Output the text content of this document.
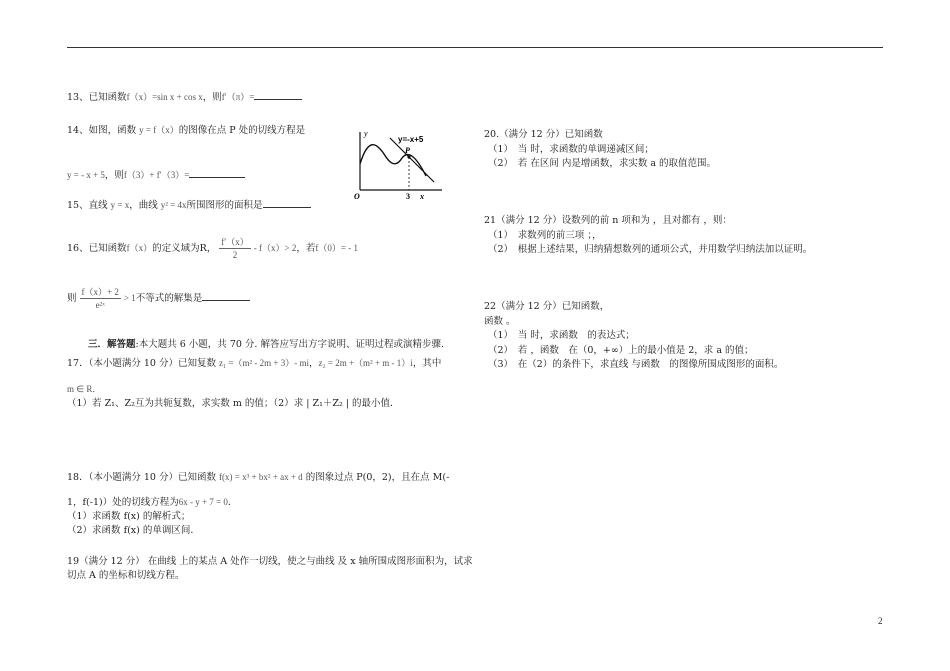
13、已知函数f（x）=sin x + cos x，则f′（π）=
14、如图，函数 y = f（x）的图像在点 P 处的切线方程是
y = - x + 5，则f（3）+ f′（3）=
y
y=-x+5
P
O	3 x
15、直线 y = x，曲线 y² = 4x所围图形的面积是
16、已知函数f（x）的定义域为R， $\frac{f'(x)}{2} - f(x)> 2$，若f（0）= - 1
则 $\frac{f(x)+ 2}{\text{e²ˣ}} > 1$不等式的解集是
三．解答题:本大题共 6 小题，共 70 分. 解答应写出方字说明、证明过程或演精步骤.
17．（本小题满分 10 分）已知复数 z₁ =（m² - 2m + 3）- mi，z₂ = 2m +（m² + m - 1）i，其中
m ∈ R．
（1）若 Z₁、Z₂互为共轭复数，求实数 m 的值；（2）求 | Z₁＋Z₂ | 的最小值．
18．（本小题满分 10 分）已知函数 f(x) = x³ + bx² + ax + d 的图象过点 P(0，2)，且在点 M(-
1，f(-1)）处的切线方程为6x - y + 7 = 0．
（1）求函数 f(x) 的解析式；
（2）求函数 f(x) 的单调区间．
19（满分 12 分） 在曲线 上的某点 A 处作一切线，使之与曲线 及 x 轴所围成图形面积为，试求
切点 A 的坐标和切线方程。
20.（满分 12 分）已知函数
（1）　当 时，求函数的单调递减区间；
（2）　若 在区间 内是增函数，求实数 a 的取值范围。
21（满分 12 分）设数列的前 n 项和为 ，且对都有 ，则：
（1）　求数列的前三项 ；，
（2）　根据上述结果，归纳猜想数列的通项公式，并用数学归纳法加以证明。
22（满分 12 分）已知函数，
函数 。
（1）　当 时，求函数　的表达式；
（2）　若 ，函数　在（0，+∞）上的最小值是 2，求 a 的值；
（3）　在（2）的条件下，求直线 与函数　的图像所围成图形的面积。
2
